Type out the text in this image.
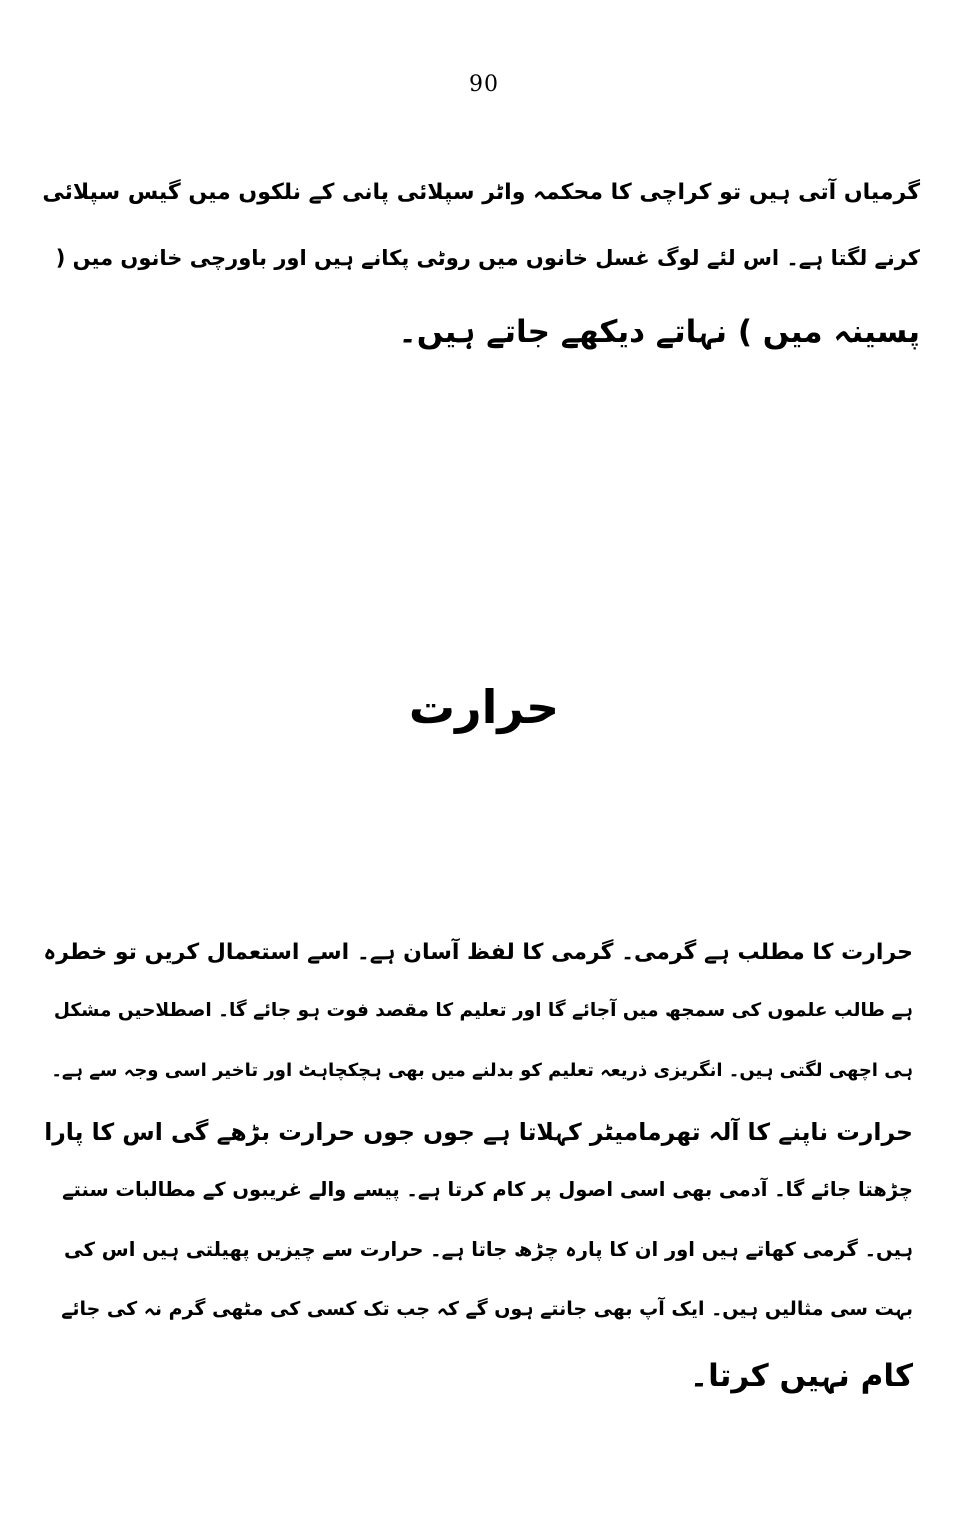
90
گرمیاں آتی ہیں تو کراچی کا محکمہ واٹر سپلائی پانی کے نلکوں میں گیس سپلائی
کرنے لگتا ہے۔ اس لئے لوگ غسل خانوں میں روٹی پکانے ہیں اور باورچی خانوں میں (
پسینہ میں ) نہاتے دیکھے جاتے ہیں۔
حرارت
حرارت کا مطلب ہے گرمی۔ گرمی کا لفظ آسان ہے۔ اسے استعمال کریں تو خطرہ
ہے طالب علموں کی سمجھ میں آجائے گا اور تعلیم کا مقصد فوت ہو جائے گا۔ اصطلاحیں مشکل
ہی اچھی لگتی ہیں۔ انگریزی ذریعہ تعلیم کو بدلنے میں بھی ہچکچاہٹ اور تاخیر اسی وجہ سے ہے۔
حرارت ناپنے کا آلہ تھرمامیٹر کہلاتا ہے جوں جوں حرارت بڑھے گی اس کا پارا
چڑھتا جائے گا۔ آدمی بھی اسی اصول پر کام کرتا ہے۔ پیسے والے غریبوں کے مطالبات سنتے
ہیں۔ گرمی کھاتے ہیں اور ان کا پارہ چڑھ جاتا ہے۔ حرارت سے چیزیں پھیلتی ہیں اس کی
بہت سی مثالیں ہیں۔ ایک آپ بھی جانتے ہوں گے کہ جب تک کسی کی مٹھی گرم نہ کی جائے
کام نہیں کرتا۔
